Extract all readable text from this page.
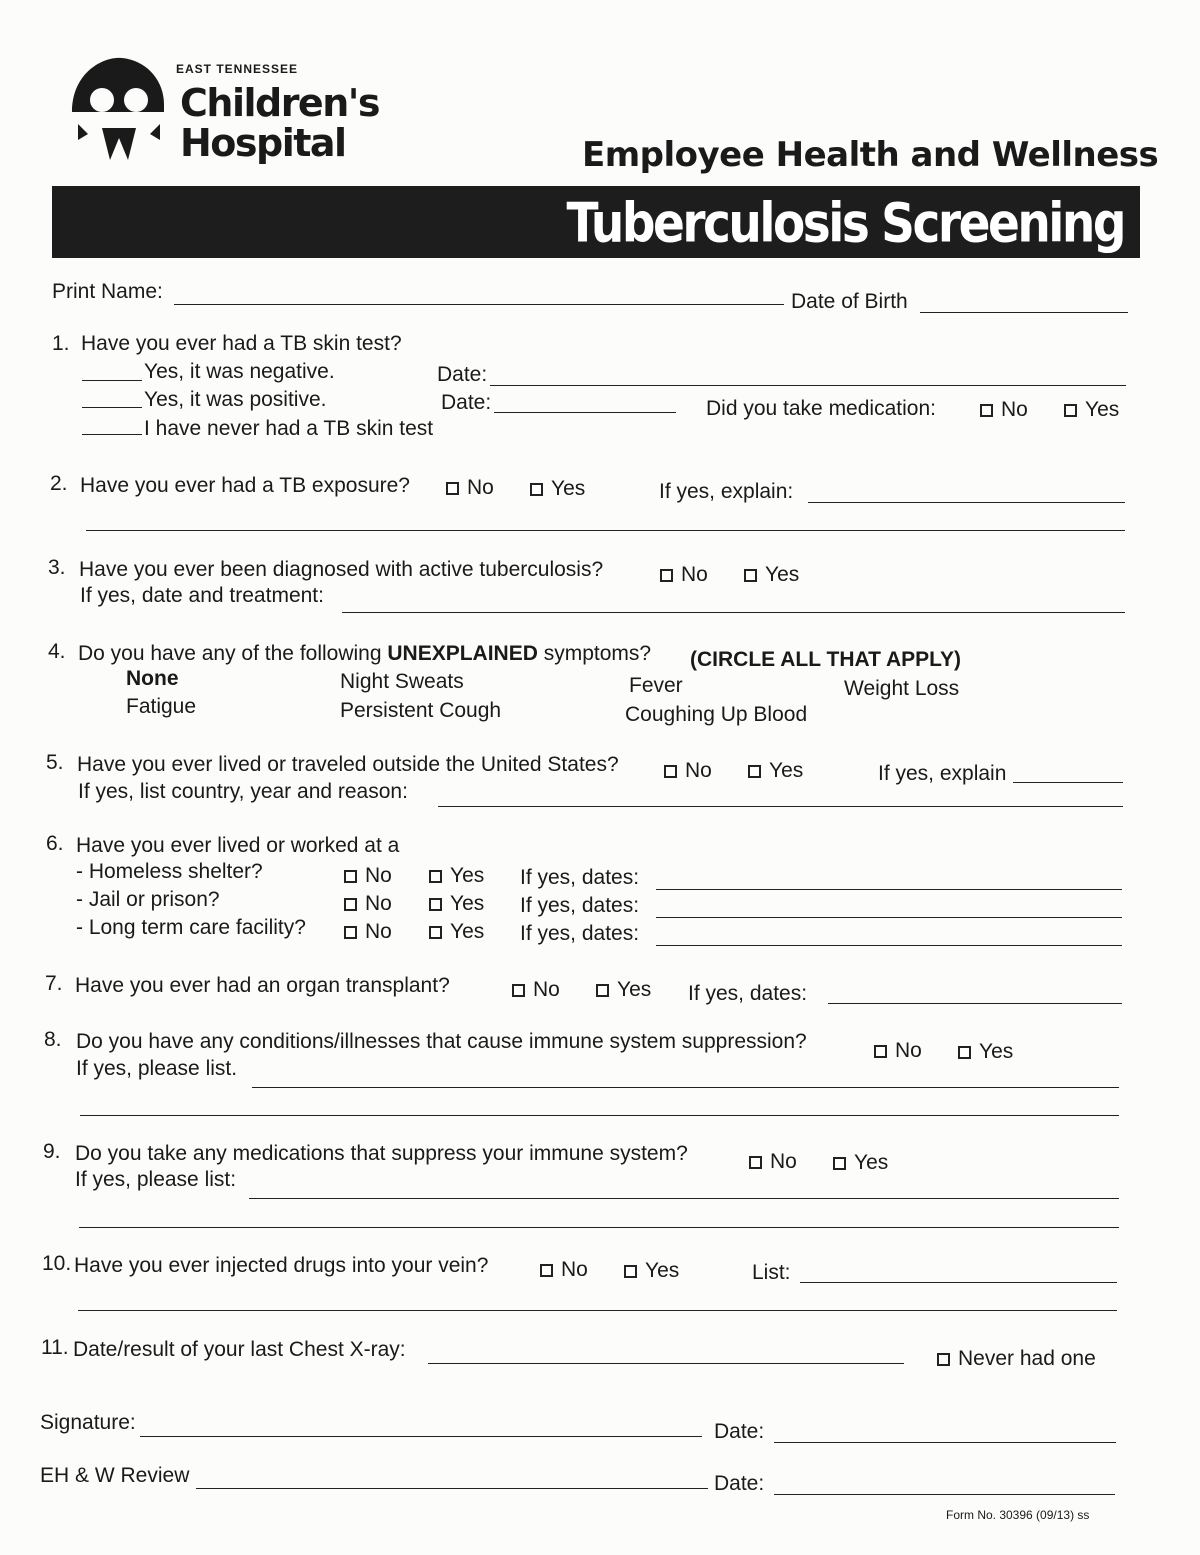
EAST TENNESSEE
Children's
Hospital	Employee Health and Wellness
Tuberculosis Screening
Print Name:	Date of Birth
1. Have you ever had a TB skin test?
Yes, it was negative.	Date:
Yes, it was positive.	Date:	Did you take medication:	No	Yes
I have never had a TB skin test
2. Have you ever had a TB exposure?	No	Yes	If yes, explain:
3. Have you ever been diagnosed with active tuberculosis?	No	Yes
If yes, date and treatment:
4. Do you have any of the following UNEXPLAINED symptoms? (CIRCLE ALL THAT APPLY)
None	Night Sweats	Fever	Weight Loss
Fatigue	Persistent Cough	Coughing Up Blood
5. Have you ever lived or traveled outside the United States?	No	Yes	If yes, explain
If yes, list country, year and reason:
6. Have you ever lived or worked at a
- Homeless shelter?	No	Yes If yes, dates:
- Jail or prison?	No	Yes If yes, dates:
- Long term care facility?	No	Yes If yes, dates:
7. Have you ever had an organ transplant?	No	Yes If yes, dates:
8. Do you have any conditions/illnesses that cause immune system suppression?	No	Yes
If yes, please list.
9. Do you take any medications that suppress your immune system?	No	Yes
If yes, please list:
10. Have you ever injected drugs into your vein?	No	Yes	List:
11. Date/result of your last Chest X-ray:	Never had one
Signature:	Date:
EH & W Review	Date:
Form No. 30396 (09/13) ss
